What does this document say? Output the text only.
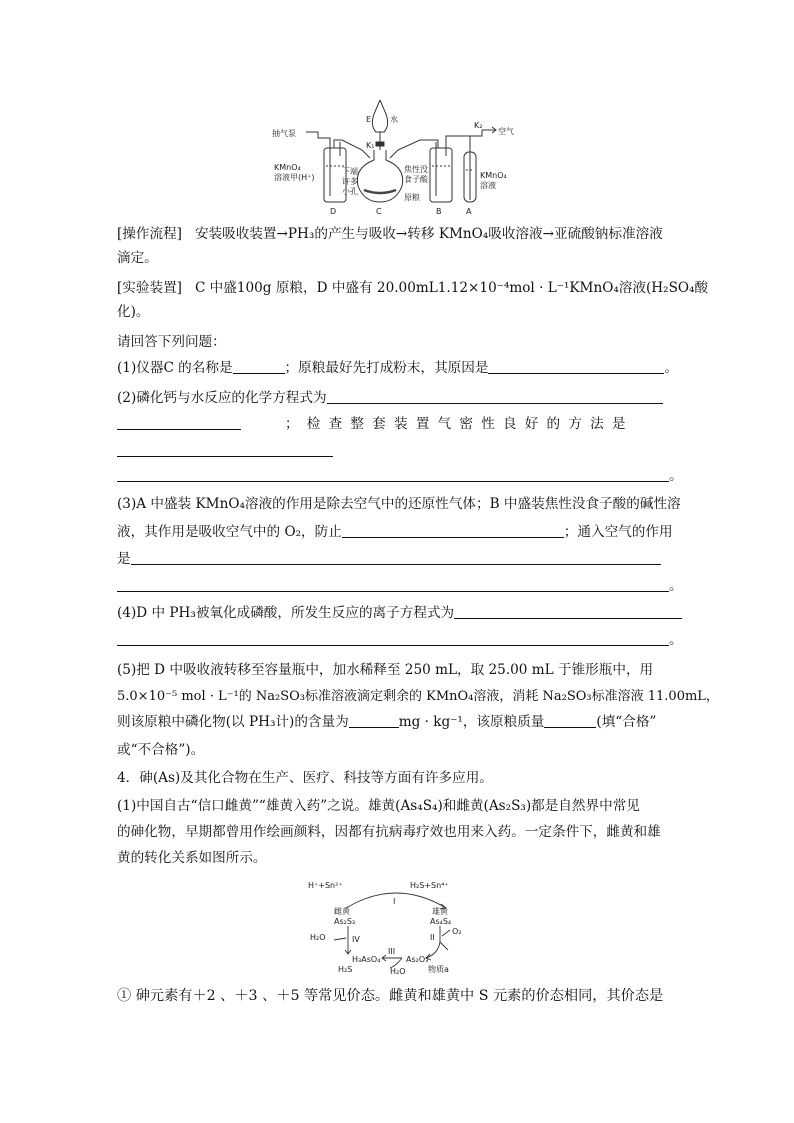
抽气泵
KMnO₄
溶液甲(H⁺)
E 水
K₁
下端
许多
小孔
焦性没
食子酸
原粮
K₂
空气
KMnO₄
溶液
D	C	B	A
[操作流程] 安装吸收装置→PH₃的产生与吸收→转移 KMnO₄吸收溶液→亚硫酸钠标准溶液
滴定。
[实验装置] C 中盛100g 原粮，D 中盛有 20.00mL1.12×10⁻⁴mol · L⁻¹KMnO₄溶液(H₂SO₄酸
化)。
请回答下列问题：
(1)仪器C 的名称是	；原粮最好先打成粉末，其原因是	。
(2)磷化钙与水反应的化学方程式为
；检查整套装置气密性良好的方法是
。
(3)A 中盛装 KMnO₄溶液的作用是除去空气中的还原性气体；B 中盛装焦性没食子酸的碱性溶
液，其作用是吸收空气中的 O₂，防止	；通入空气的作用
是
。
(4)D 中 PH₃被氧化成磷酸，所发生反应的离子方程式为
。
(5)把 D 中吸收液转移至容量瓶中，加水稀释至 250 mL，取 25.00 mL 于锥形瓶中，用
5.0×10⁻⁵ mol · L⁻¹的 Na₂SO₃标准溶液滴定剩余的 KMnO₄溶液，消耗 Na₂SO₃标准溶液 11.00mL，
则该原粮中磷化物(以 PH₃计)的含量为	mg · kg⁻¹，该原粮质量	(填“合格”
或“不合格”)。
4．砷(As)及其化合物在生产、医疗、科技等方面有许多应用。
(1)中国自古“信口雌黄”“雄黄入药”之说。雄黄(As₄S₄)和雌黄(As₂S₃)都是自然界中常见
的砷化物，早期都曾用作绘画颜料，因都有抗病毒疗效也用来入药。一定条件下，雌黄和雄
黄的转化关系如图所示。
H⁺+Sn²⁺	H₂S+Sn⁴⁺
I
雌黄
As₂S₃
雄黄
As₄S₄
H₂O	IV	II
O₂
H₃AsO₄
III
As₂O₃
H₂S	H₂O	物质a
① 砷元素有＋2 、＋3 、＋5 等常见价态。雌黄和雄黄中 S 元素的价态相同，其价态是
